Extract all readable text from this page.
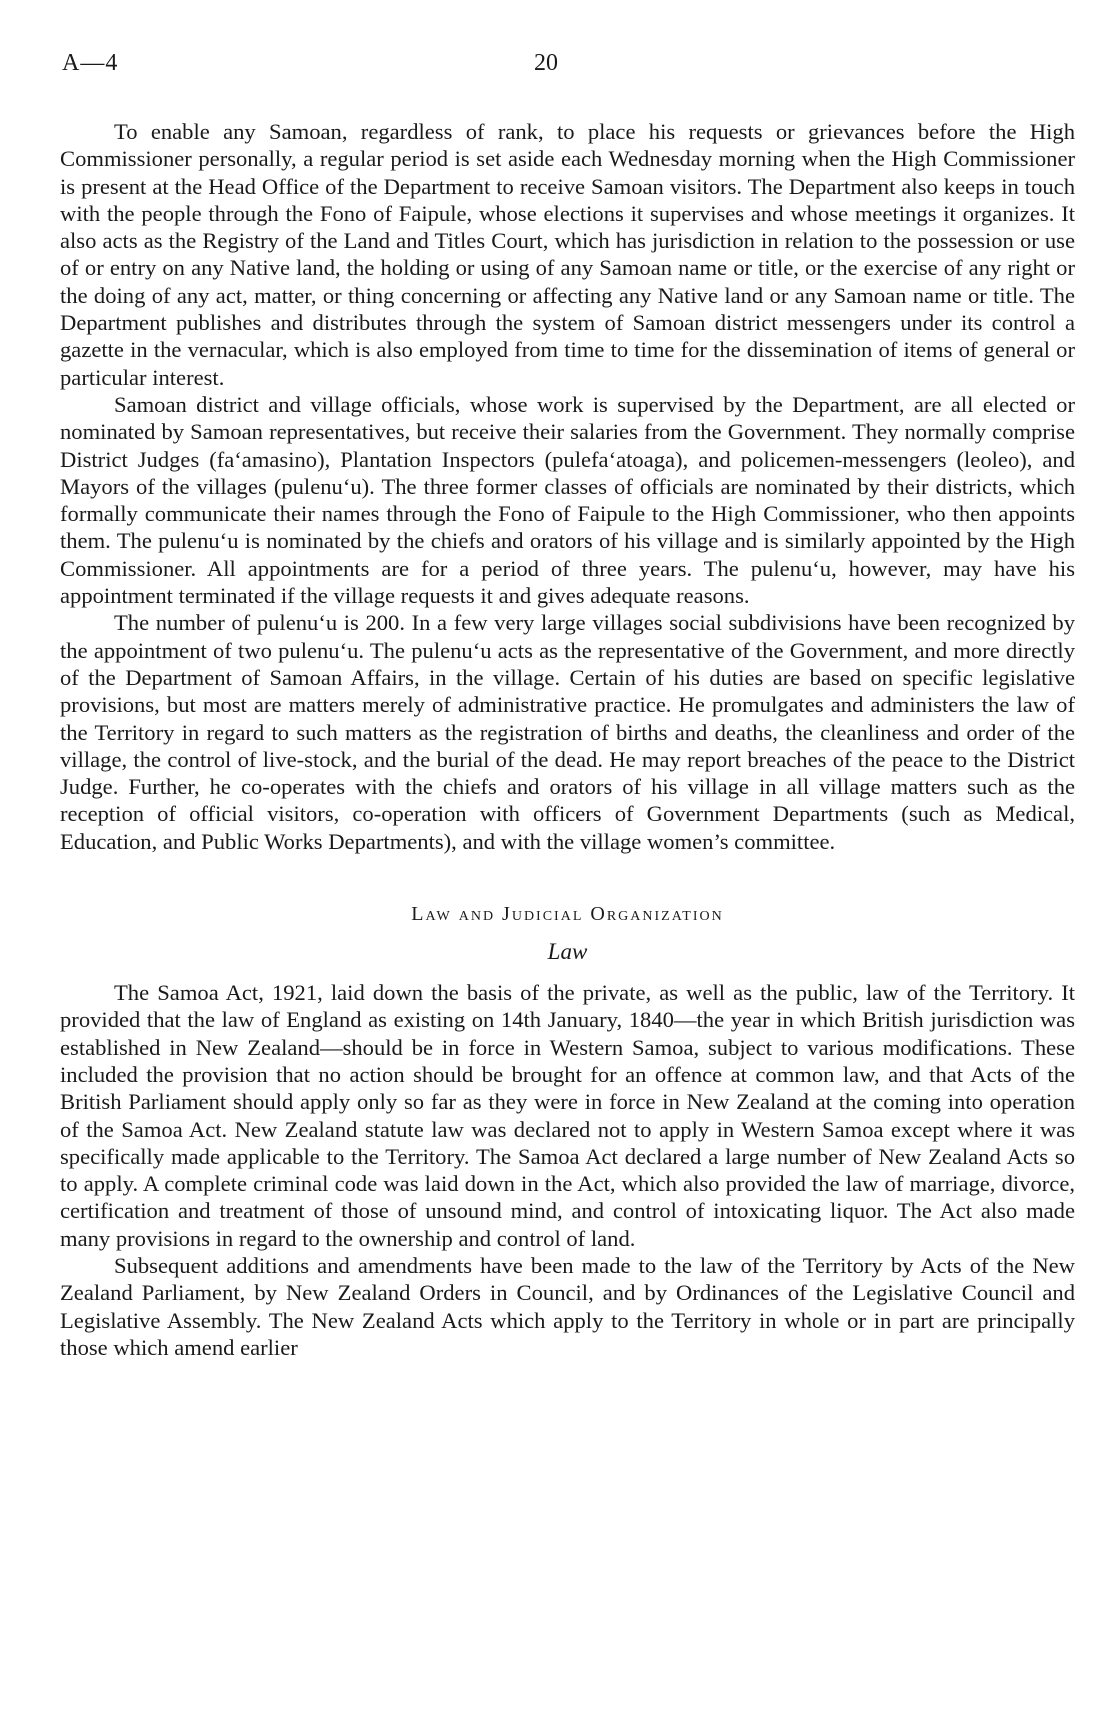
A—4	20

To enable any Samoan, regardless of rank, to place his requests or grievances before the High Commissioner personally, a regular period is set aside each Wednesday morning when the High Commissioner is present at the Head Office of the Department to receive Samoan visitors. The Department also keeps in touch with the people through the Fono of Faipule, whose elections it supervises and whose meetings it organizes. It also acts as the Registry of the Land and Titles Court, which has jurisdiction in relation to the possession or use of or entry on any Native land, the holding or using of any Samoan name or title, or the exercise of any right or the doing of any act, matter, or thing concerning or affecting any Native land or any Samoan name or title. The Department publishes and distributes through the system of Samoan district messengers under its control a gazette in the vernacular, which is also employed from time to time for the dissemination of items of general or particular interest.

Samoan district and village officials, whose work is supervised by the Department, are all elected or nominated by Samoan representatives, but receive their salaries from the Government. They normally comprise District Judges (fa‘amasino), Plantation Inspectors (pulefa‘atoaga), and policemen-messengers (leoleo), and Mayors of the villages (pulenu‘u). The three former classes of officials are nominated by their districts, which formally communicate their names through the Fono of Faipule to the High Commissioner, who then appoints them. The pulenu‘u is nominated by the chiefs and orators of his village and is similarly appointed by the High Commissioner. All appointments are for a period of three years. The pulenu‘u, however, may have his appointment terminated if the village requests it and gives adequate reasons.

The number of pulenu‘u is 200. In a few very large villages social subdivisions have been recognized by the appointment of two pulenu‘u. The pulenu‘u acts as the representative of the Government, and more directly of the Department of Samoan Affairs, in the village. Certain of his duties are based on specific legislative provisions, but most are matters merely of administrative practice. He promulgates and administers the law of the Territory in regard to such matters as the registration of births and deaths, the cleanliness and order of the village, the control of live-stock, and the burial of the dead. He may report breaches of the peace to the District Judge. Further, he co-operates with the chiefs and orators of his village in all village matters such as the reception of official visitors, co-operation with officers of Government Departments (such as Medical, Education, and Public Works Departments), and with the village women’s committee.

Law and Judicial Organization
Law

The Samoa Act, 1921, laid down the basis of the private, as well as the public, law of the Territory. It provided that the law of England as existing on 14th January, 1840—the year in which British jurisdiction was established in New Zealand—should be in force in Western Samoa, subject to various modifications. These included the provision that no action should be brought for an offence at common law, and that Acts of the British Parliament should apply only so far as they were in force in New Zealand at the coming into operation of the Samoa Act. New Zealand statute law was declared not to apply in Western Samoa except where it was specifically made applicable to the Territory. The Samoa Act declared a large number of New Zealand Acts so to apply. A complete criminal code was laid down in the Act, which also provided the law of marriage, divorce, certification and treatment of those of unsound mind, and control of intoxicating liquor. The Act also made many provisions in regard to the ownership and control of land.

Subsequent additions and amendments have been made to the law of the Territory by Acts of the New Zealand Parliament, by New Zealand Orders in Council, and by Ordinances of the Legislative Council and Legislative Assembly. The New Zealand Acts which apply to the Territory in whole or in part are principally those which amend earlier
